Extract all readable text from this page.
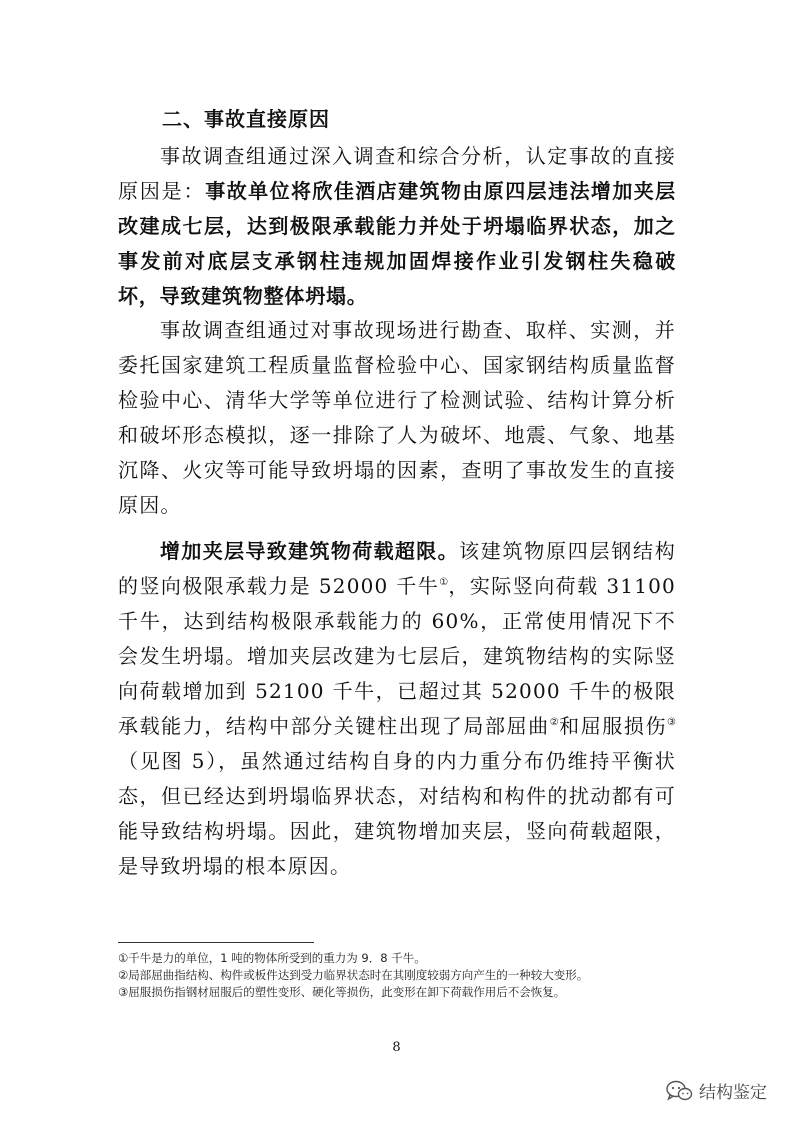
二、事故直接原因

事故调查组通过深入调查和综合分析，认定事故的直接原因是：事故单位将欣佳酒店建筑物由原四层违法增加夹层改建成七层，达到极限承载能力并处于坍塌临界状态，加之事发前对底层支承钢柱违规加固焊接作业引发钢柱失稳破坏，导致建筑物整体坍塌。

事故调查组通过对事故现场进行勘查、取样、实测，并委托国家建筑工程质量监督检验中心、国家钢结构质量监督检验中心、清华大学等单位进行了检测试验、结构计算分析和破坏形态模拟，逐一排除了人为破坏、地震、气象、地基沉降、火灾等可能导致坍塌的因素，查明了事故发生的直接原因。

增加夹层导致建筑物荷载超限。该建筑物原四层钢结构的竖向极限承载力是 52000 千牛①，实际竖向荷载 31100 千牛，达到结构极限承载能力的 60%，正常使用情况下不会发生坍塌。增加夹层改建为七层后，建筑物结构的实际竖向荷载增加到 52100 千牛，已超过其 52000 千牛的极限承载能力，结构中部分关键柱出现了局部屈曲②和屈服损伤③（见图 5），虽然通过结构自身的内力重分布仍维持平衡状态，但已经达到坍塌临界状态，对结构和构件的扰动都有可能导致结构坍塌。因此，建筑物增加夹层，竖向荷载超限，是导致坍塌的根本原因。

①千牛是力的单位，1 吨的物体所受到的重力为 9．8 千牛。
②局部屈曲指结构、构件或板件达到受力临界状态时在其刚度较弱方向产生的一种较大变形。
③屈服损伤指钢材屈服后的塑性变形、硬化等损伤，此变形在卸下荷载作用后不会恢复。
8
结构鉴定
